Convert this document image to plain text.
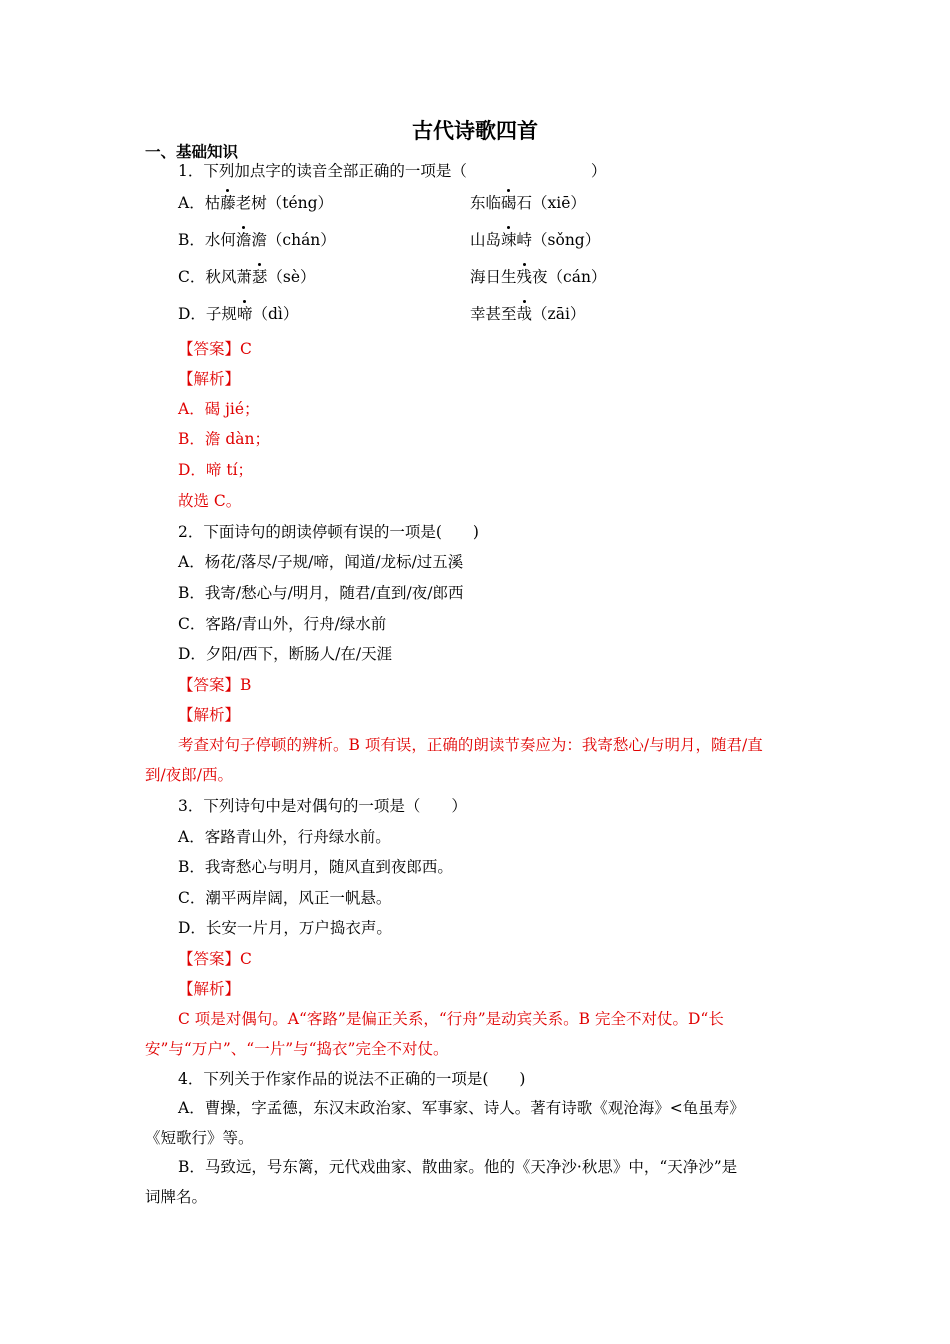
古代诗歌四首
一、基础知识
1．下列加点字的读音全部正确的一项是（　　　　　　　　）
A．枯藤老树（téng）	东临碣石（xiē）
B．水何澹澹（chán）	山岛竦峙（sǒng）
C．秋风萧瑟（sè）	海日生残夜（cán）
D．子规啼（dì）	幸甚至哉（zāi）
【答案】C
【解析】
A．碣 jié；
B．澹 dàn；
D．啼 tí；
故选 C。
2．下面诗句的朗读停顿有误的一项是(　　)
A．杨花/落尽/子规/啼，闻道/龙标/过五溪
B．我寄/愁心与/明月，随君/直到/夜/郎西
C．客路/青山外，行舟/绿水前
D．夕阳/西下，断肠人/在/天涯
【答案】B
【解析】
考查对句子停顿的辨析。B 项有误，正确的朗读节奏应为：我寄愁心/与明月，随君/直
到/夜郎/西。
3．下列诗句中是对偶句的一项是（　　）
A．客路青山外，行舟绿水前。
B．我寄愁心与明月，随风直到夜郎西。
C．潮平两岸阔，风正一帆悬。
D．长安一片月，万户捣衣声。
【答案】C
【解析】
C 项是对偶句。A“客路”是偏正关系，“行舟”是动宾关系。B 完全不对仗。D“长
安”与“万户”、“一片”与“捣衣”完全不对仗。
4．下列关于作家作品的说法不正确的一项是(　　)
A．曹操，字孟德，东汉末政治家、军事家、诗人。著有诗歌《观沧海》<龟虽寿》
《短歌行》等。
B．马致远，号东篱，元代戏曲家、散曲家。他的《天净沙·秋思》中，“天净沙”是
词牌名。
